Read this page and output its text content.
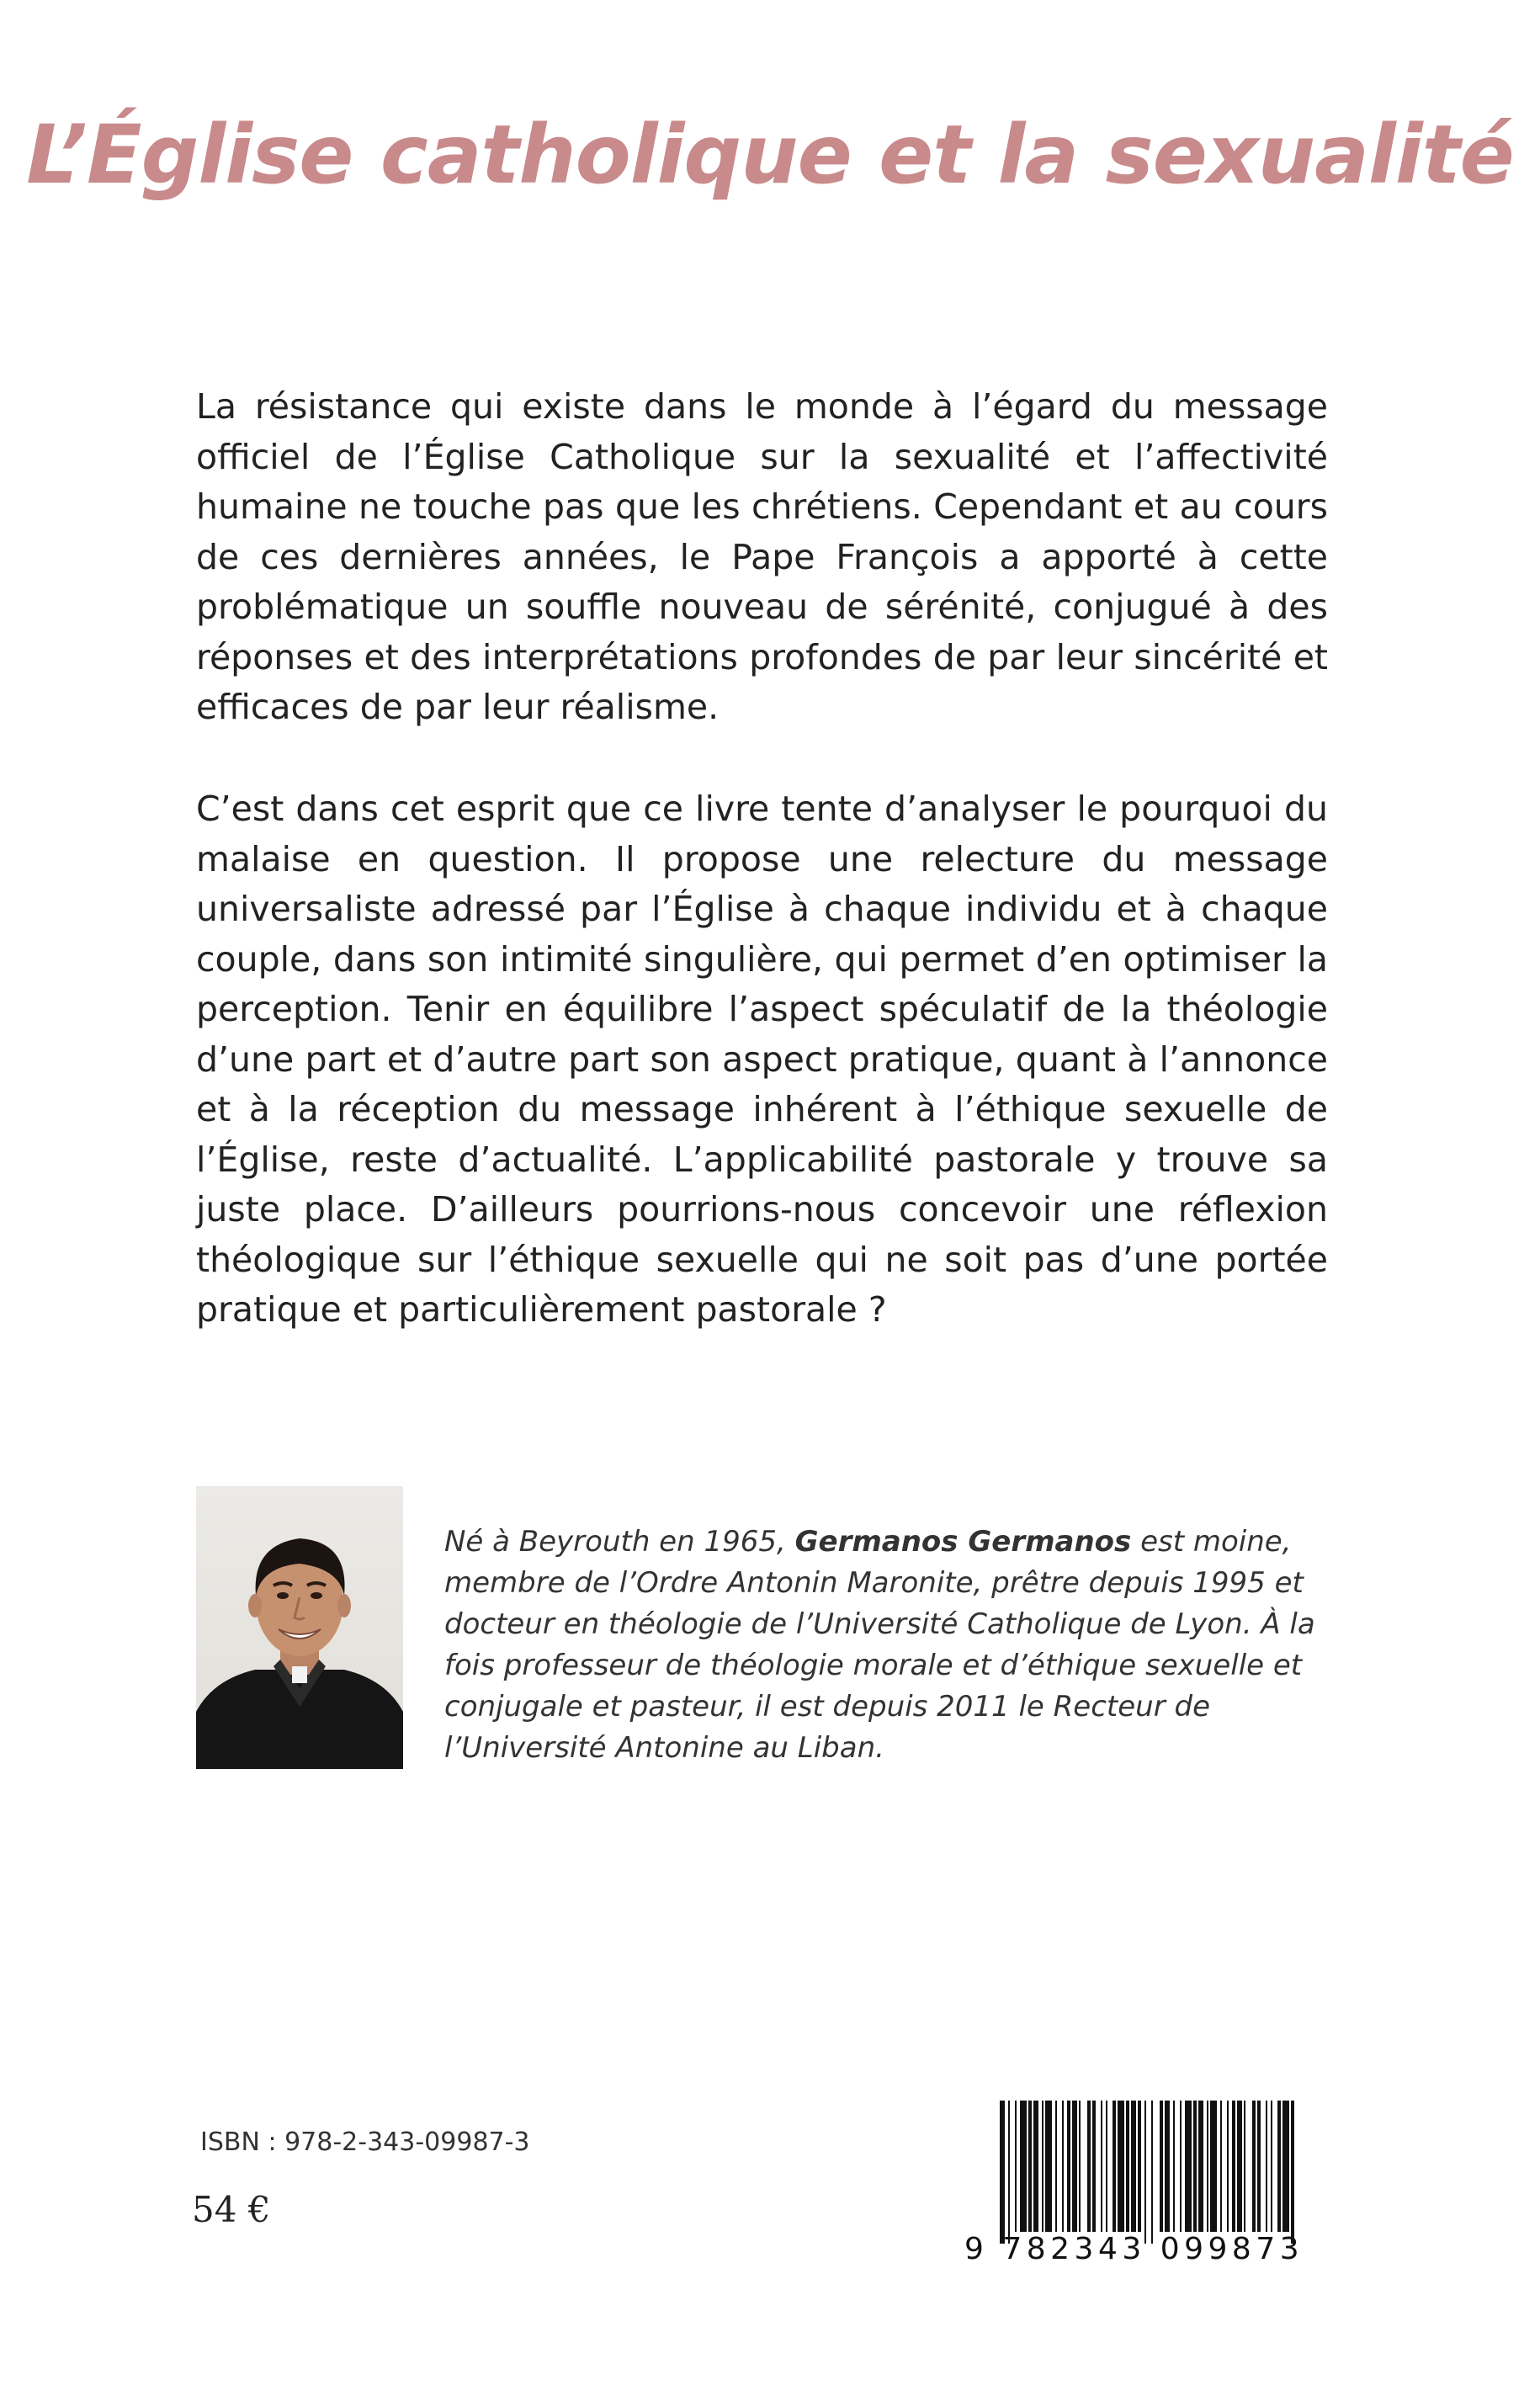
L’Église catholique et la sexualité

La résistance qui existe dans le monde à l’égard du message officiel de l’Église Catholique sur la sexualité et l’affectivité humaine ne touche pas que les chrétiens. Cependant et au cours de ces dernières années, le Pape François a apporté à cette problématique un souffle nouveau de sérénité, conjugué à des réponses et des interprétations profondes de par leur sincérité et efficaces de par leur réalisme.

C’est dans cet esprit que ce livre tente d’analyser le pourquoi du malaise en question. Il propose une relecture du message universaliste adressé par l’Église à chaque individu et à chaque couple, dans son intimité singulière, qui permet d’en optimiser la perception. Tenir en équilibre l’aspect spéculatif de la théologie d’une part et d’autre part son aspect pratique, quant à l’annonce et à la réception du message inhérent à l’éthique sexuelle de l’Église, reste d’actualité. L’applicabilité pastorale y trouve sa juste place. D’ailleurs pourrions-nous concevoir une réflexion théologique sur l’éthique sexuelle qui ne soit pas d’une portée pratique et particulièrement pastorale ?

Né à Beyrouth en 1965, Germanos Germanos est moine, membre de l’Ordre Antonin Maronite, prêtre depuis 1995 et docteur en théologie de l’Université Catholique de Lyon. À la fois professeur de théologie morale et d’éthique sexuelle et conjugale et pasteur, il est depuis 2011 le Recteur de l’Université Antonine au Liban.

ISBN : 978-2-343-09987-3
54 €
9 782343 099873
